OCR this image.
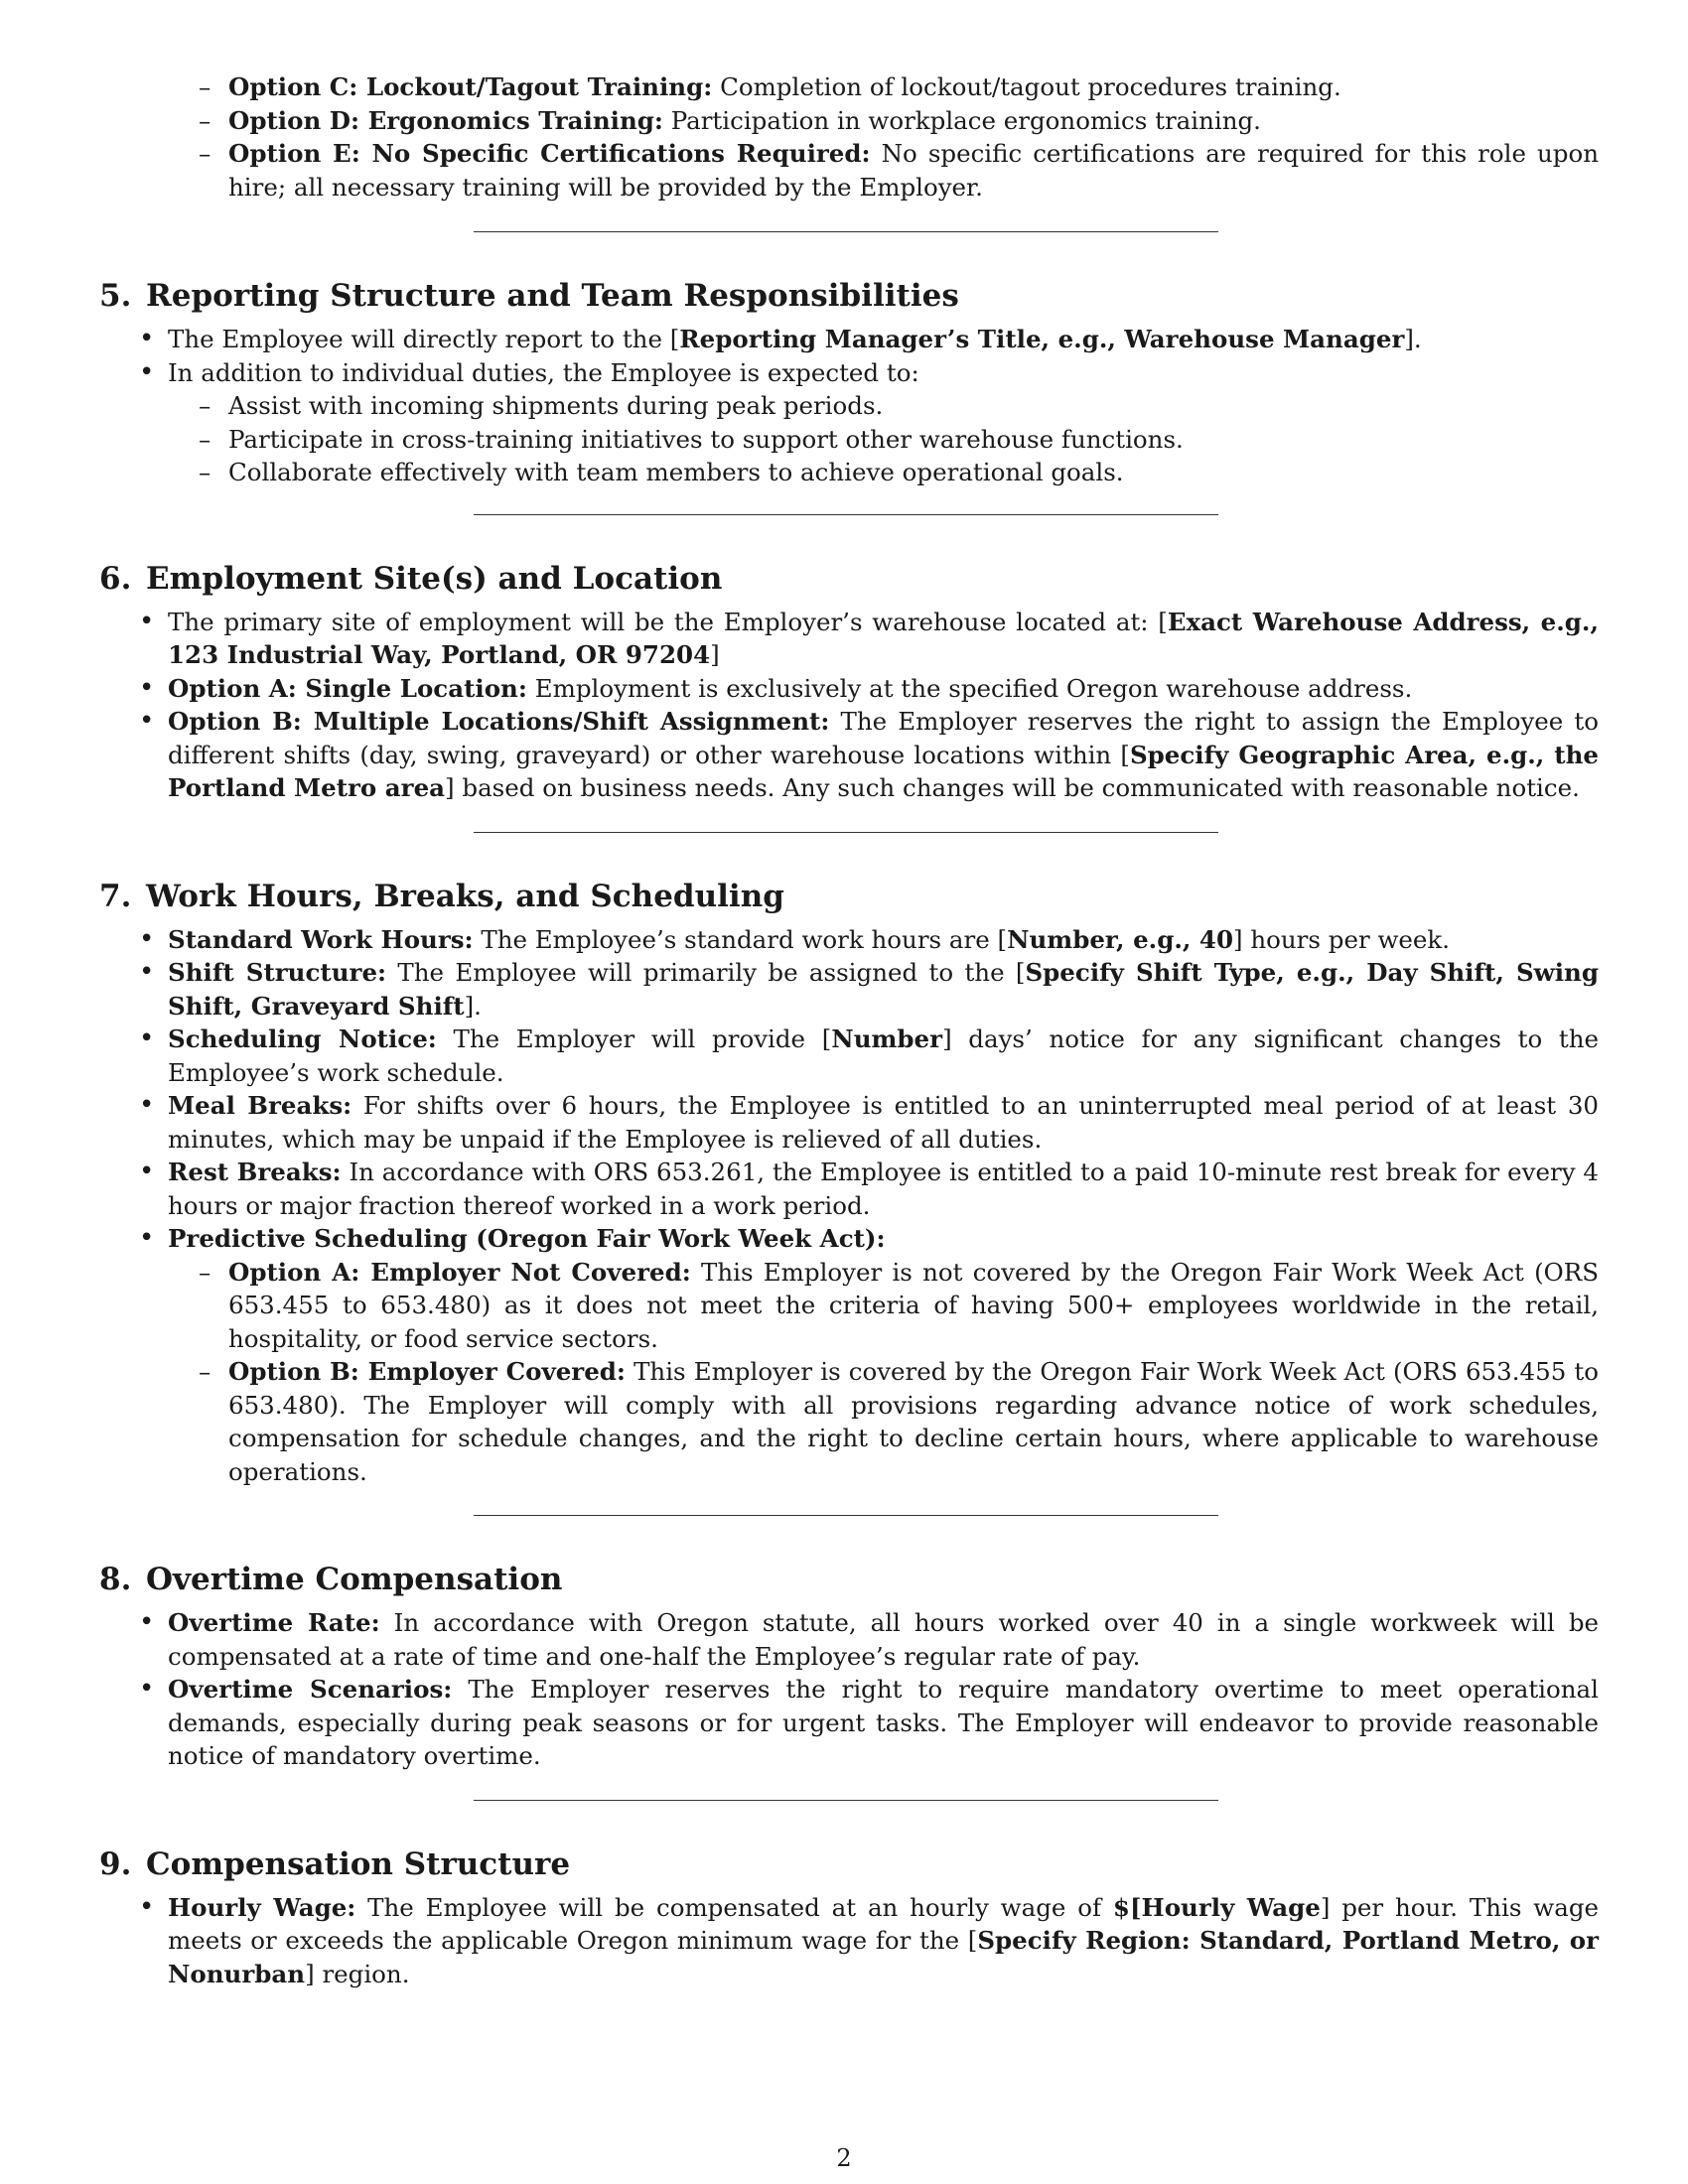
– Option C: Lockout/Tagout Training: Completion of lockout/tagout procedures training.
– Option D: Ergonomics Training: Participation in workplace ergonomics training.
– Option E: No Specific Certifications Required: No specific certifications are required for this role upon hire; all necessary training will be provided by the Employer.
5. Reporting Structure and Team Responsibilities
• The Employee will directly report to the [Reporting Manager’s Title, e.g., Warehouse Manager].
• In addition to individual duties, the Employee is expected to:
– Assist with incoming shipments during peak periods.
– Participate in cross-training initiatives to support other warehouse functions.
– Collaborate effectively with team members to achieve operational goals.
6. Employment Site(s) and Location
• The primary site of employment will be the Employer’s warehouse located at: [Exact Warehouse Address, e.g., 123 Industrial Way, Portland, OR 97204]
• Option A: Single Location: Employment is exclusively at the specified Oregon warehouse address.
• Option B: Multiple Locations/Shift Assignment: The Employer reserves the right to assign the Employee to different shifts (day, swing, graveyard) or other warehouse locations within [Specify Geographic Area, e.g., the Portland Metro area] based on business needs. Any such changes will be communicated with reasonable notice.
7. Work Hours, Breaks, and Scheduling
• Standard Work Hours: The Employee’s standard work hours are [Number, e.g., 40] hours per week.
• Shift Structure: The Employee will primarily be assigned to the [Specify Shift Type, e.g., Day Shift, Swing Shift, Graveyard Shift].
• Scheduling Notice: The Employer will provide [Number] days’ notice for any significant changes to the Employee’s work schedule.
• Meal Breaks: For shifts over 6 hours, the Employee is entitled to an uninterrupted meal period of at least 30 minutes, which may be unpaid if the Employee is relieved of all duties.
• Rest Breaks: In accordance with ORS 653.261, the Employee is entitled to a paid 10-minute rest break for every 4 hours or major fraction thereof worked in a work period.
• Predictive Scheduling (Oregon Fair Work Week Act):
– Option A: Employer Not Covered: This Employer is not covered by the Oregon Fair Work Week Act (ORS 653.455 to 653.480) as it does not meet the criteria of having 500+ employees worldwide in the retail, hospitality, or food service sectors.
– Option B: Employer Covered: This Employer is covered by the Oregon Fair Work Week Act (ORS 653.455 to 653.480). The Employer will comply with all provisions regarding advance notice of work schedules, compensation for schedule changes, and the right to decline certain hours, where applicable to warehouse operations.
8. Overtime Compensation
• Overtime Rate: In accordance with Oregon statute, all hours worked over 40 in a single workweek will be compensated at a rate of time and one-half the Employee’s regular rate of pay.
• Overtime Scenarios: The Employer reserves the right to require mandatory overtime to meet operational demands, especially during peak seasons or for urgent tasks. The Employer will endeavor to provide reasonable notice of mandatory overtime.
9. Compensation Structure
• Hourly Wage: The Employee will be compensated at an hourly wage of $[Hourly Wage] per hour. This wage meets or exceeds the applicable Oregon minimum wage for the [Specify Region: Standard, Portland Metro, or Nonurban] region.
2
